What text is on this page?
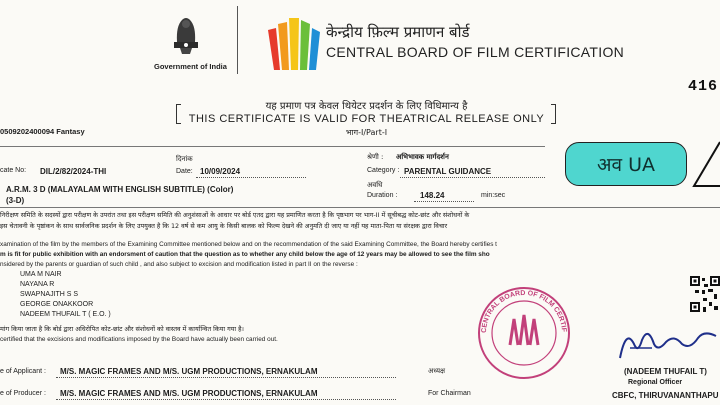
Government of India
केन्द्रीय फ़िल्म प्रमाणन बोर्ड
CENTRAL BOARD OF FILM CERTIFICATION
416
यह प्रमाण पत्र केवल थियेटर प्रदर्शन के लिए विधिमान्य है
THIS CERTIFICATE IS VALID FOR THEATRICAL RELEASE ONLY
भाग-I/Part-I
0509202400094 Fantasy
cate No: DIL/2/82/2024-THI
दिनांक
Date: 10/09/2024
श्रेणी : अभिभावक मार्गदर्शन
Category : PARENTAL GUIDANCE	अव UA
A.R.M. 3 D (MALAYALAM WITH ENGLISH SUBTITLE) (Color)
(3-D)
अवधि
Duration :	148.24	min:sec
निरीक्षण समिति के सदस्यों द्वारा परीक्षण के उपरांत तथा इस परीक्षण समिति की अनुशंसाओं के आधार पर बोर्ड एतद द्वारा यह प्रमाणित करता है कि पृष्ठभाग पर भाग-II में सूचीबद्ध कोट-छांट और संशोधनों के
इस चेतावनी के पृष्ठांकन के साथ सार्वजनिक प्रदर्शन के लिए उपयुक्त है कि 12 वर्ष से कम आयु के किसी बालक को फिल्म देखने की अनुमति दी जाए या नहीं यह माता-पिता या संरक्षक द्वारा विचार
xamination of the film by the members of the Examining Committee mentioned below and on the recommendation of the said Examining Committee, the Board hereby certifies t
m is fit for public exhibition with an endorsment of caution that the question as to whether any child below the age of 12 years may be allowed to see the film sho
nsidered by the parents or guardian of such child , and also subject to excision and modification listed in part II on the reverse :
UMA M NAIR
NAYANA R
SWAPNAJITH S S
GEORGE ONAKKOOR
NADEEM THUFAIL T ( E.O. )
मांग किया जाता है कि बोर्ड द्वारा अधिरोपित कोट-छांट और संशोधनों को वास्तव में कार्यान्वित किया गया है।
certified that the excisions and modifications imposed by the Board have actually been carried out.
CENTRAL BOARD OF FILM CERTIF
e of Applicant : M/S. MAGIC FRAMES AND M/S. UGM PRODUCTIONS, ERNAKULAM	अध्यक्ष
e of Producer : M/S. MAGIC FRAMES AND M/S. UGM PRODUCTIONS, ERNAKULAM	For Chairman
(NADEEM THUFAIL T)
Regional Officer
CBFC, THIRUVANANTHAPU
